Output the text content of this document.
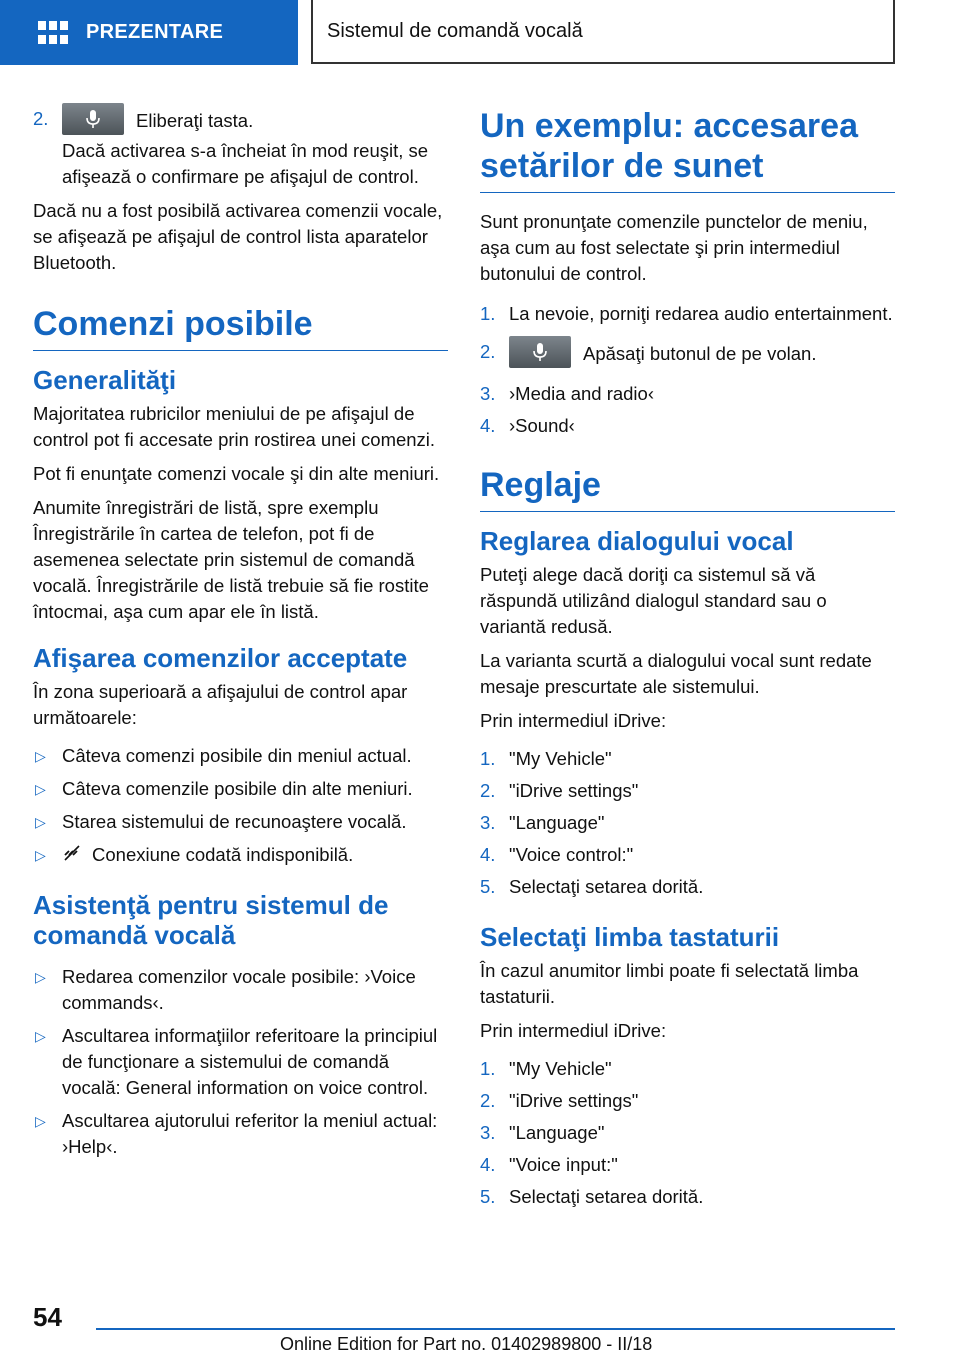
PREZENTARE	Sistemul de comandă vocală
2.	Eliberaţi tasta.
Dacă activarea s-a încheiat în mod reuşit, se afişează o confirmare pe afişajul de control.

Dacă nu a fost posibilă activarea comenzii vocale, se afişează pe afişajul de control lista aparatelor Bluetooth.

Comenzi posibile
Generalităţi

Majoritatea rubricilor meniului de pe afişajul de control pot fi accesate prin rostirea unei comenzi.

Pot fi enunţate comenzi vocale şi din alte meniuri.

Anumite înregistrări de listă, spre exemplu Înregistrările în cartea de telefon, pot fi de asemenea selectate prin sistemul de comandă vocală. Înregistrările de listă trebuie să fie rostite întocmai, aşa cum apar ele în listă.

Afişarea comenzilor acceptate

În zona superioară a afişajului de control apar următoarele:

▷ Câteva comenzi posibile din meniul actual.
▷ Câteva comenzile posibile din alte meniuri.
▷ Starea sistemului de recunoaştere vocală.
▷ Conexiune codată indisponibilă.
Asistenţă pentru sistemul de comandă vocală
▷ Redarea comenzilor vocale posibile: ›Voice commands‹.
▷ Ascultarea informaţiilor referitoare la principiul de funcţionare a sistemului de comandă vocală: General information on voice control.
▷ Ascultarea ajutorului referitor la meniul actual: ›Help‹.
Un exemplu: accesarea setărilor de sunet

Sunt pronunţate comenzile punctelor de meniu, aşa cum au fost selectate şi prin intermediul butonului de control.

1. La nevoie, porniţi redarea audio entertainment.
2.	Apăsaţi butonul de pe volan.
3. ›Media and radio‹
4. ›Sound‹
Reglaje
Reglarea dialogului vocal

Puteţi alege dacă doriţi ca sistemul să vă răspundă utilizând dialogul standard sau o variantă redusă.

La varianta scurtă a dialogului vocal sunt redate mesaje prescurtate ale sistemului.

Prin intermediul iDrive:

1. "My Vehicle"
2. "iDrive settings"
3. "Language"
4. "Voice control:"
5. Selectaţi setarea dorită.
Selectaţi limba tastaturii

În cazul anumitor limbi poate fi selectată limba tastaturii.

Prin intermediul iDrive:

1. "My Vehicle"
2. "iDrive settings"
3. "Language"
4. "Voice input:"
5. Selectaţi setarea dorită.
54
Online Edition for Part no. 01402989800 - II/18
